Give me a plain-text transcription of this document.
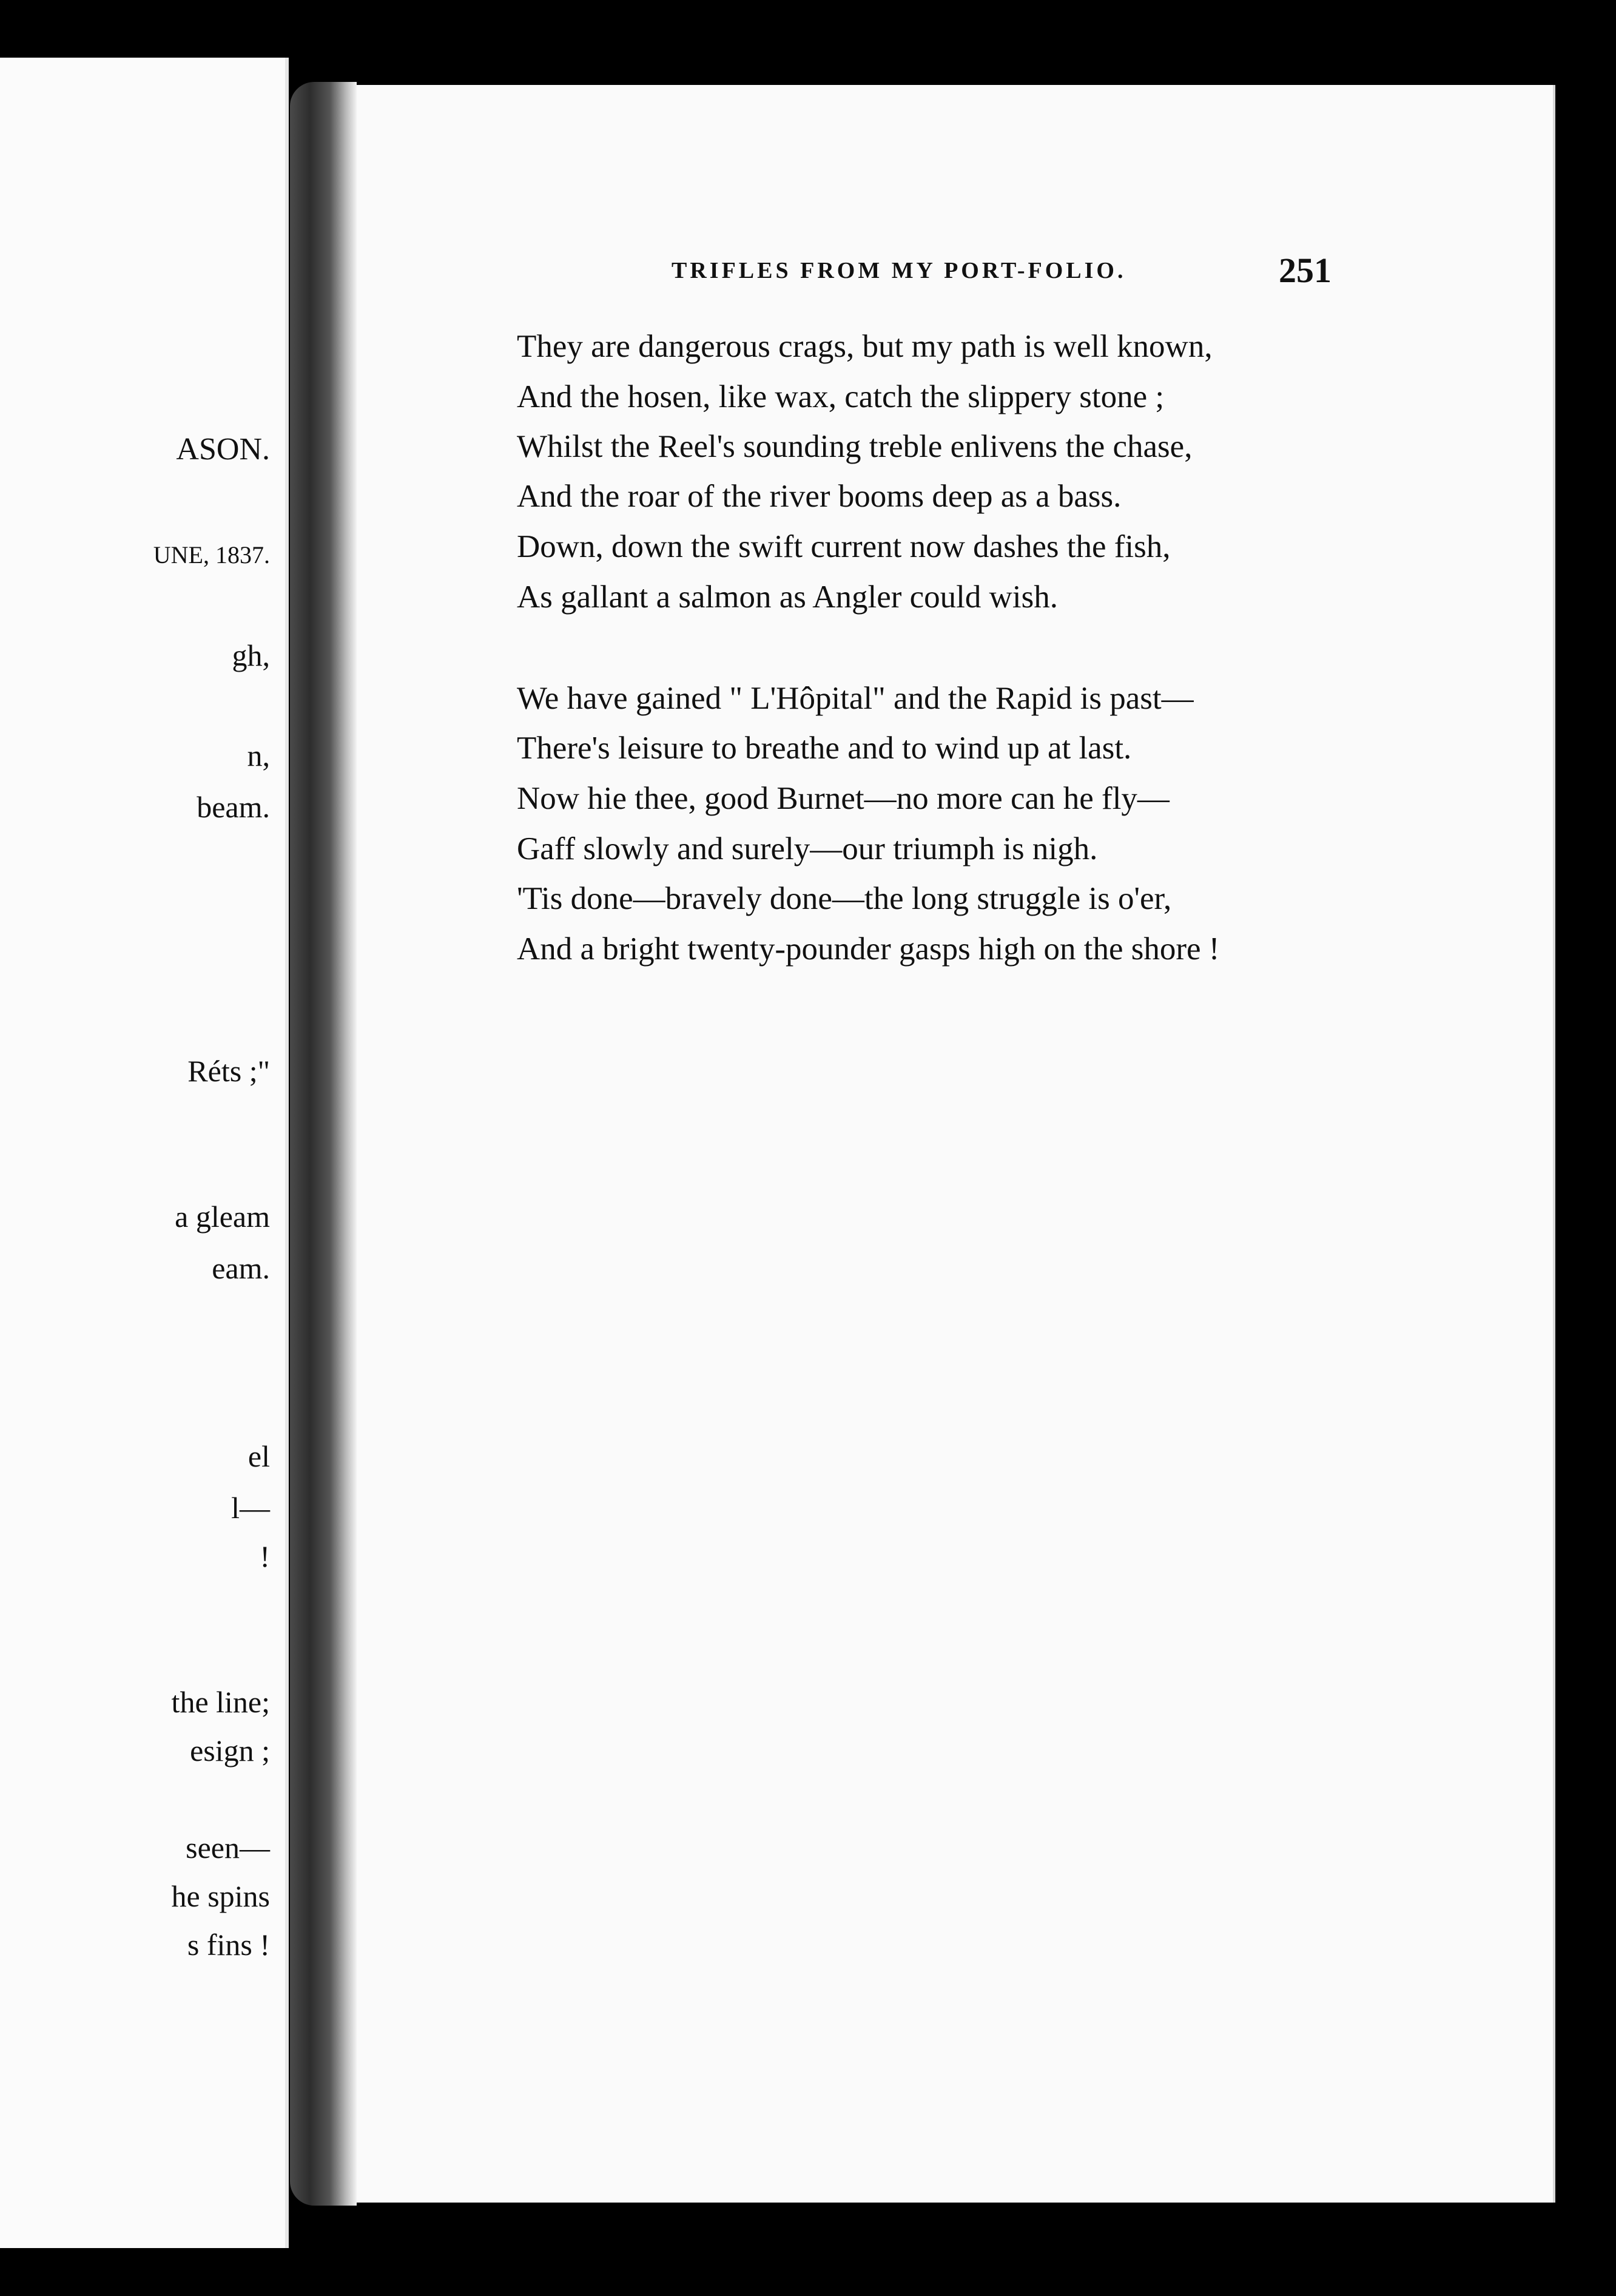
ASON.
UNE, 1837.
gh,
n,
beam.
Réts ;"
a gleam
eam.
el
l—
!
the line;
esign ;
seen—
he spins
s fins !
TRIFLES FROM MY PORT-FOLIO.	251
They are dangerous crags, but my path is well known,
And the hosen, like wax, catch the slippery stone ;
Whilst the Reel's sounding treble enlivens the chase,
And the roar of the river booms deep as a bass.
Down, down the swift current now dashes the fish,
As gallant a salmon as Angler could wish.
We have gained " L'Hôpital" and the Rapid is past—
There's leisure to breathe and to wind up at last.
Now hie thee, good Burnet—no more can he fly—
Gaff slowly and surely—our triumph is nigh.
'Tis done—bravely done—the long struggle is o'er,
And a bright twenty-pounder gasps high on the shore !
